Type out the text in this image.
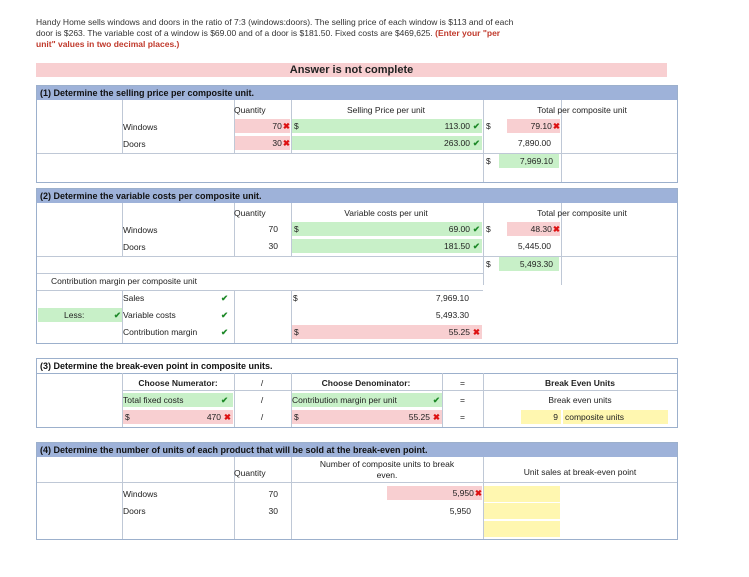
Handy Home sells windows and doors in the ratio of 7:3 (windows:doors). The selling price of each window is $113 and of each door is $263. The variable cost of a window is $69.00 and of a door is $181.50. Fixed costs are $469,625. (Enter your "per unit" values in two decimal places.)
Answer is not complete
(1) Determine the selling price per composite unit.
Quantity	Selling Price per unit	Total per composite unit
Windows	70✖ $	113.00 ✔ $	79.10✖
Doors	30✖	263.00 ✔	7,890.00
$	7,969.10
(2) Determine the variable costs per composite unit.
Quantity	Variable costs per unit	Total per composite unit
Windows	70 $	69.00 ✔ $	48.30✖
Doors	30	181.50 ✔	5,445.00
$	5,493.30
Contribution margin per composite unit
Sales	✔	$	7,969.10
Less:	✔ Variable costs	✔	5,493.30
Contribution margin	✔	$	55.25 ✖
(3) Determine the break-even point in composite units.
Choose Numerator:	/	Choose Denominator:	=	Break Even Units
Total fixed costs	✔	/	Contribution margin per unit	✔	=	Break even units
$	470 ✖	/	$	55.25 ✖	=	9 composite units
(4) Determine the number of units of each product that will be sold at the break-even point.
Quantity
Number of composite units to break even.	Unit sales at break-even point
Windows	70	5,950✖
Doors	30	5,950
